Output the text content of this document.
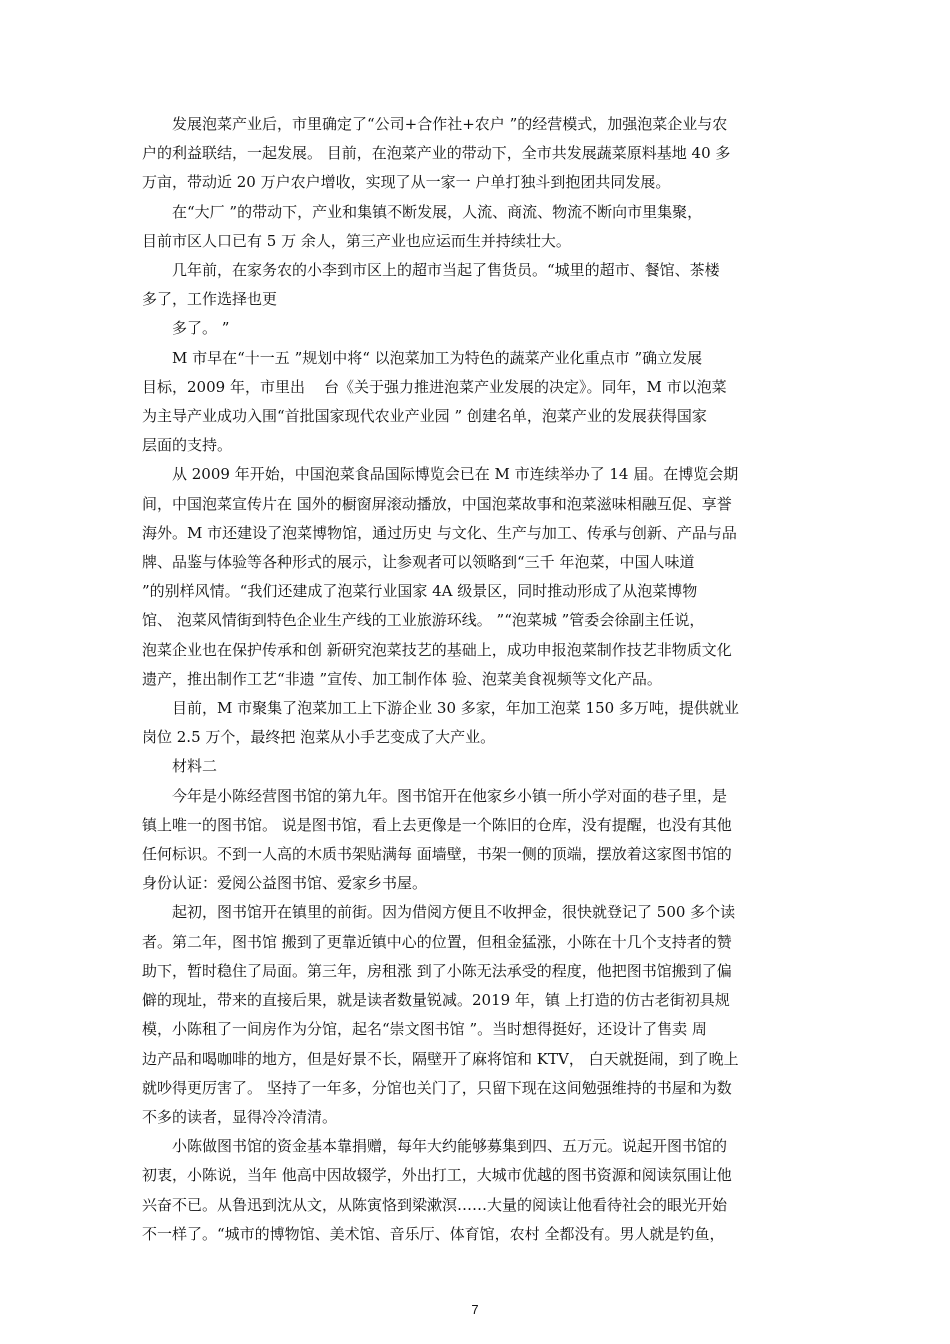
发展泡菜产业后，市里确定了“公司+合作社+农户 ”的经营模式，加强泡菜企业与农
户的利益联结，一起发展。 目前，在泡菜产业的带动下，全市共发展蔬菜原料基地 40 多
万亩，带动近 20 万户农户增收，实现了从一家一 户单打独斗到抱团共同发展。

在“大厂 ”的带动下，产业和集镇不断发展，人流、商流、物流不断向市里集聚，
目前市区人口已有 5 万 余人，第三产业也应运而生并持续壮大。

几年前，在家务农的小李到市区上的超市当起了售货员。“城里的超市、餐馆、茶楼
多了，工作选择也更

多了。 ”

M 市早在“十一五 ”规划中将“ 以泡菜加工为特色的蔬菜产业化重点市 ”确立发展
目标，2009 年，市里出    台《关于强力推进泡菜产业发展的决定》。同年，M 市以泡菜
为主导产业成功入围“首批国家现代农业产业园 ” 创建名单，泡菜产业的发展获得国家
层面的支持。

从 2009 年开始，中国泡菜食品国际博览会已在 M 市连续举办了 14 届。在博览会期
间，中国泡菜宣传片在 国外的橱窗屏滚动播放，中国泡菜故事和泡菜滋味相融互促、享誉
海外。M 市还建设了泡菜博物馆，通过历史 与文化、生产与加工、传承与创新、产品与品
牌、品鉴与体验等各种形式的展示，让参观者可以领略到“三千 年泡菜，中国人味道
”的别样风情。“我们还建成了泡菜行业国家 4A 级景区，同时推动形成了从泡菜博物
馆、 泡菜风情街到特色企业生产线的工业旅游环线。 ”“泡菜城 ”管委会徐副主任说，
泡菜企业也在保护传承和创 新研究泡菜技艺的基础上，成功申报泡菜制作技艺非物质文化
遗产，推出制作工艺“非遗 ”宣传、加工制作体 验、泡菜美食视频等文化产品。

目前，M 市聚集了泡菜加工上下游企业 30 多家，年加工泡菜 150 多万吨，提供就业
岗位 2.5 万个，最终把 泡菜从小手艺变成了大产业。

材料二

今年是小陈经营图书馆的第九年。图书馆开在他家乡小镇一所小学对面的巷子里，是
镇上唯一的图书馆。 说是图书馆，看上去更像是一个陈旧的仓库，没有提醒，也没有其他
任何标识。不到一人高的木质书架贴满每 面墙壁，书架一侧的顶端，摆放着这家图书馆的
身份认证：爱阅公益图书馆、爱家乡书屋。

起初，图书馆开在镇里的前街。因为借阅方便且不收押金，很快就登记了 500 多个读
者。第二年，图书馆 搬到了更靠近镇中心的位置，但租金猛涨，小陈在十几个支持者的赞
助下，暂时稳住了局面。第三年，房租涨 到了小陈无法承受的程度，他把图书馆搬到了偏
僻的现址，带来的直接后果，就是读者数量锐减。2019 年，镇 上打造的仿古老街初具规
模，小陈租了一间房作为分馆，起名“崇文图书馆 ”。当时想得挺好，还设计了售卖 周
边产品和喝咖啡的地方，但是好景不长，隔壁开了麻将馆和 KTV， 白天就挺闹，到了晚上
就吵得更厉害了。 坚持了一年多，分馆也关门了，只留下现在这间勉强维持的书屋和为数
不多的读者，显得冷冷清清。

小陈做图书馆的资金基本靠捐赠，每年大约能够募集到四、五万元。说起开图书馆的
初衷，小陈说，当年 他高中因故辍学，外出打工，大城市优越的图书资源和阅读氛围让他
兴奋不已。从鲁迅到沈从文，从陈寅恪到梁漱溟……大量的阅读让他看待社会的眼光开始
不一样了。“城市的博物馆、美术馆、音乐厅、体育馆，农村 全都没有。男人就是钓鱼，

7
